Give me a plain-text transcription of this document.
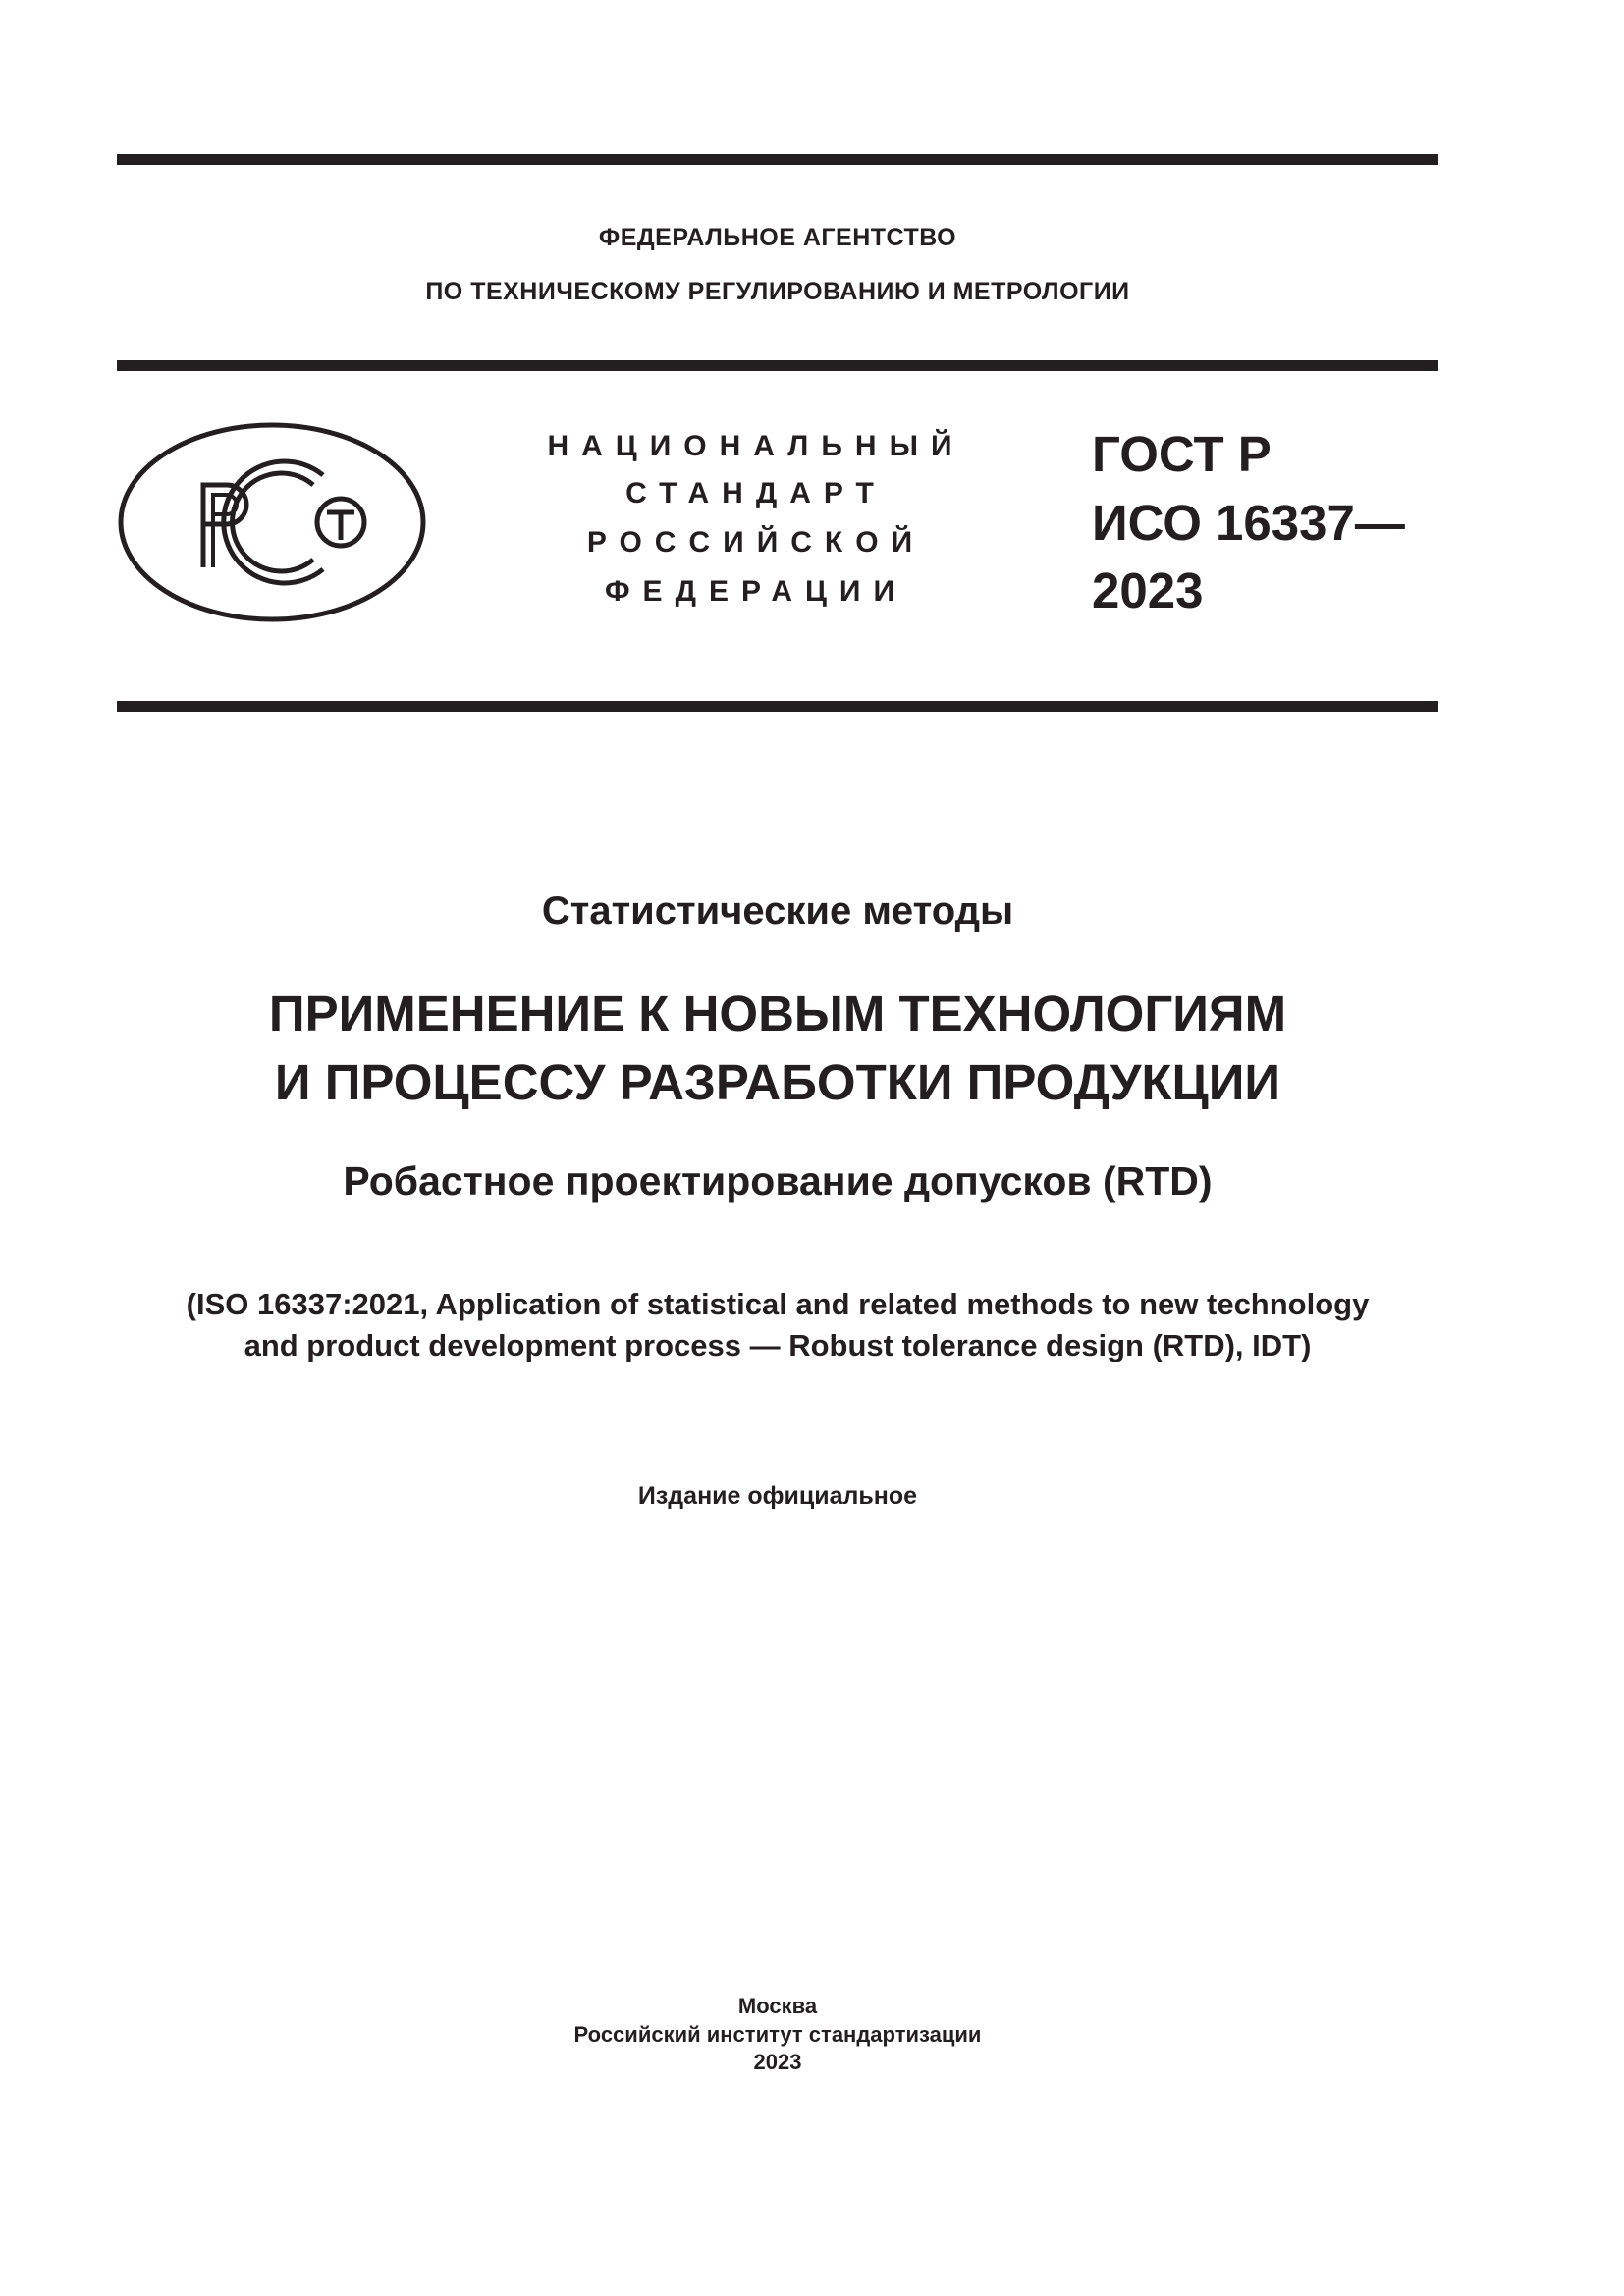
ФЕДЕРАЛЬНОЕ АГЕНТСТВО
ПО ТЕХНИЧЕСКОМУ РЕГУЛИРОВАНИЮ И МЕТРОЛОГИИ
НАЦИОНАЛЬНЫЙ
СТАНДАРТ
РОССИЙСКОЙ
ФЕДЕРАЦИИ
ГОСТ Р
ИСО 16337—
2023
Статистические методы
ПРИМЕНЕНИЕ К НОВЫМ ТЕХНОЛОГИЯМ
И ПРОЦЕССУ РАЗРАБОТКИ ПРОДУКЦИИ
Робастное проектирование допусков (RTD)
(ISO 16337:2021, Application of statistical and related methods to new technology
and product development process — Robust tolerance design (RTD), IDT)
Издание официальное
Москва
Российский институт стандартизации
2023
